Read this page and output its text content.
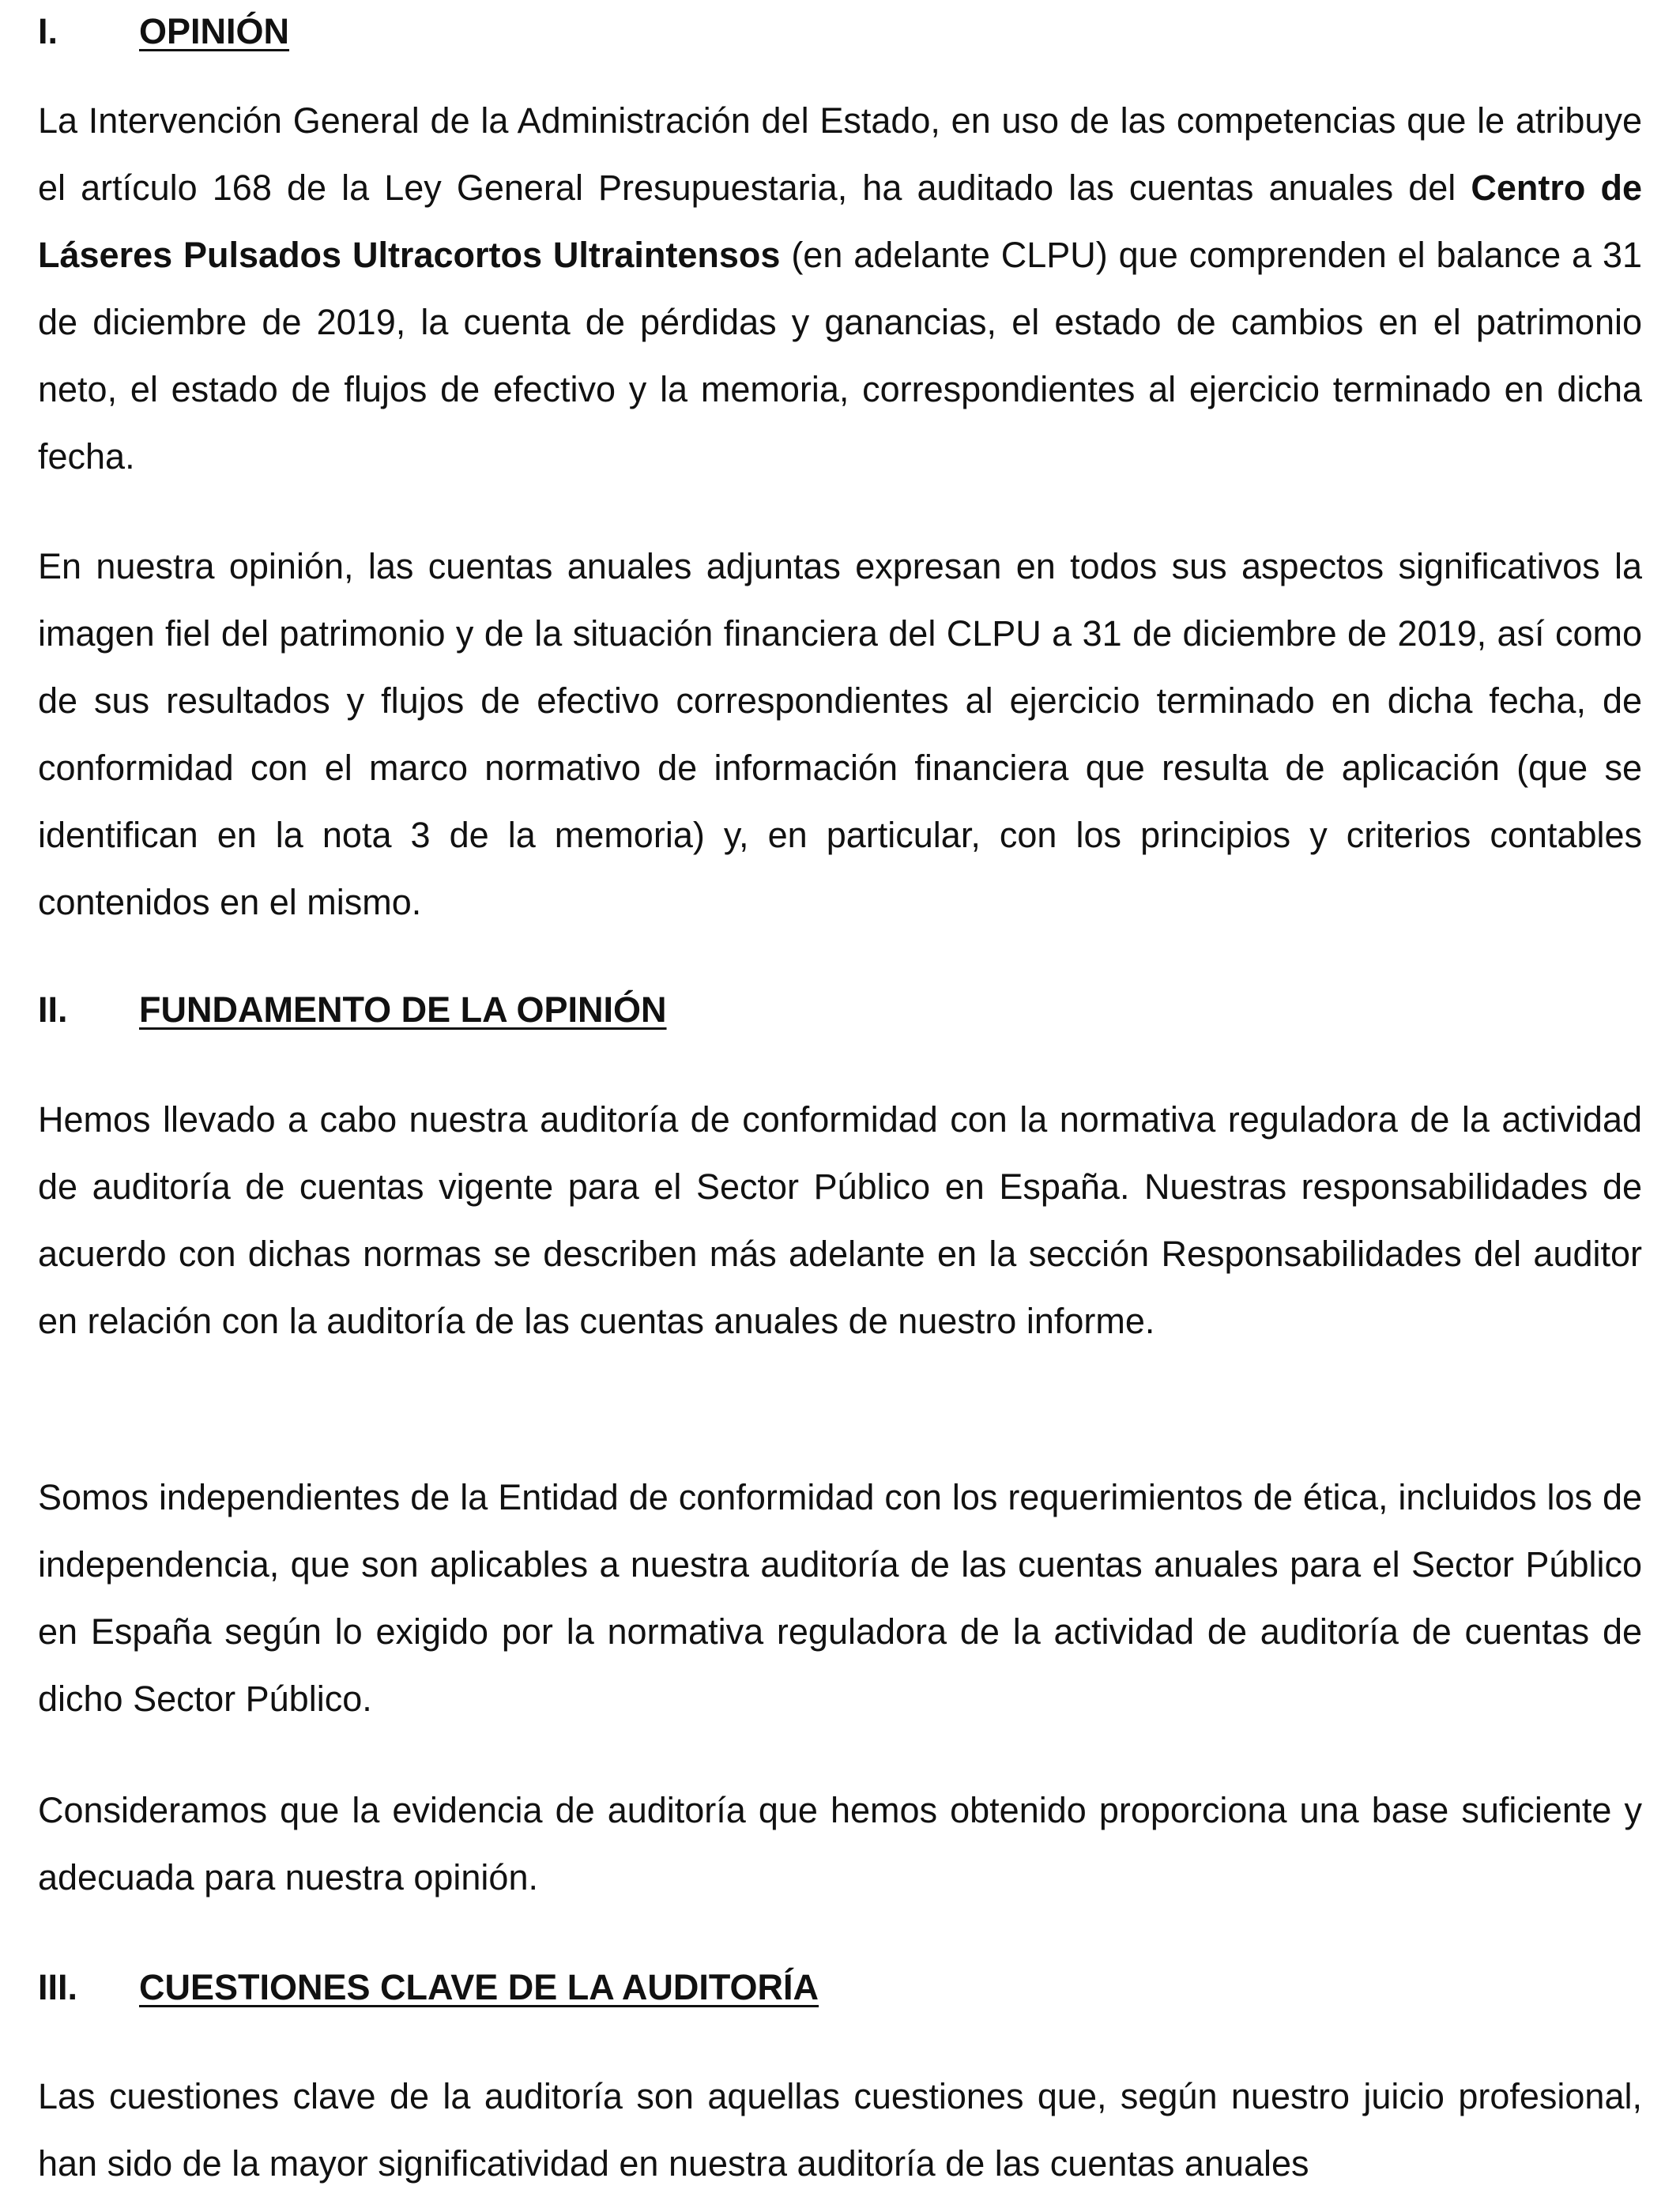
I. OPINIÓN

La Intervención General de la Administración del Estado, en uso de las competencias que le atribuye el artículo 168 de la Ley General Presupuestaria, ha auditado las cuentas anuales del Centro de Láseres Pulsados Ultracortos Ultraintensos (en adelante CLPU) que comprenden el balance a 31 de diciembre de 2019, la cuenta de pérdidas y ganancias, el estado de cambios en el patrimonio neto, el estado de flujos de efectivo y la memoria, correspondientes al ejercicio terminado en dicha fecha.

En nuestra opinión, las cuentas anuales adjuntas expresan en todos sus aspectos significativos la imagen fiel del patrimonio y de la situación financiera del CLPU a 31 de diciembre de 2019, así como de sus resultados y flujos de efectivo correspondientes al ejercicio terminado en dicha fecha, de conformidad con el marco normativo de información financiera que resulta de aplicación (que se identifican en la nota 3 de la memoria) y, en particular, con los principios y criterios contables contenidos en el mismo.

II. FUNDAMENTO DE LA OPINIÓN

Hemos llevado a cabo nuestra auditoría de conformidad con la normativa reguladora de la actividad de auditoría de cuentas vigente para el Sector Público en España. Nuestras responsabilidades de acuerdo con dichas normas se describen más adelante en la sección Responsabilidades del auditor en relación con la auditoría de las cuentas anuales de nuestro informe.

Somos independientes de la Entidad de conformidad con los requerimientos de ética, incluidos los de independencia, que son aplicables a nuestra auditoría de las cuentas anuales para el Sector Público en España según lo exigido por la normativa reguladora de la actividad de auditoría de cuentas de dicho Sector Público.

Consideramos que la evidencia de auditoría que hemos obtenido proporciona una base suficiente y adecuada para nuestra opinión.

III. CUESTIONES CLAVE DE LA AUDITORÍA

Las cuestiones clave de la auditoría son aquellas cuestiones que, según nuestro juicio profesional, han sido de la mayor significatividad en nuestra auditoría de las cuentas anuales
